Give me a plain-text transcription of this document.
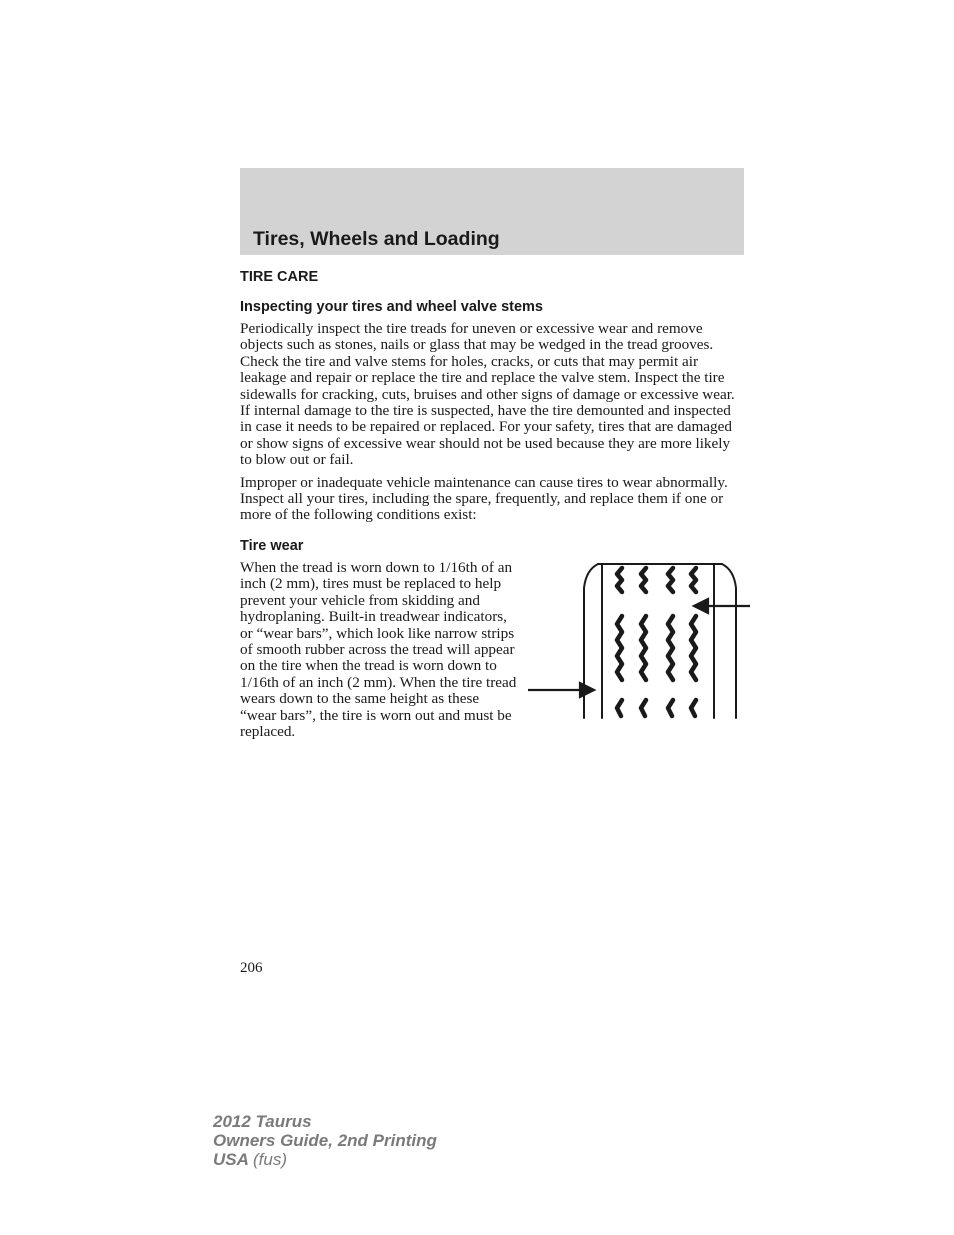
Tires, Wheels and Loading
TIRE CARE
Inspecting your tires and wheel valve stems

Periodically inspect the tire treads for uneven or excessive wear and remove objects such as stones, nails or glass that may be wedged in the tread grooves. Check the tire and valve stems for holes, cracks, or cuts that may permit air leakage and repair or replace the tire and replace the valve stem. Inspect the tire sidewalls for cracking, cuts, bruises and other signs of damage or excessive wear. If internal damage to the tire is suspected, have the tire demounted and inspected in case it needs to be repaired or replaced. For your safety, tires that are damaged or show signs of excessive wear should not be used because they are more likely to blow out or fail.

Improper or inadequate vehicle maintenance can cause tires to wear abnormally. Inspect all your tires, including the spare, frequently, and replace them if one or more of the following conditions exist:

Tire wear

When the tread is worn down to 1/16th of an inch (2 mm), tires must be replaced to help prevent your vehicle from skidding and hydroplaning. Built-in treadwear indicators, or “wear bars”, which look like narrow strips of smooth rubber across the tread will appear on the tire when the tread is worn down to 1/16th of an inch (2 mm). When the tire tread wears down to the same height as these “wear bars”, the tire is worn out and must be replaced.

206
2012 Taurus
Owners Guide, 2nd Printing
USA (fus)
